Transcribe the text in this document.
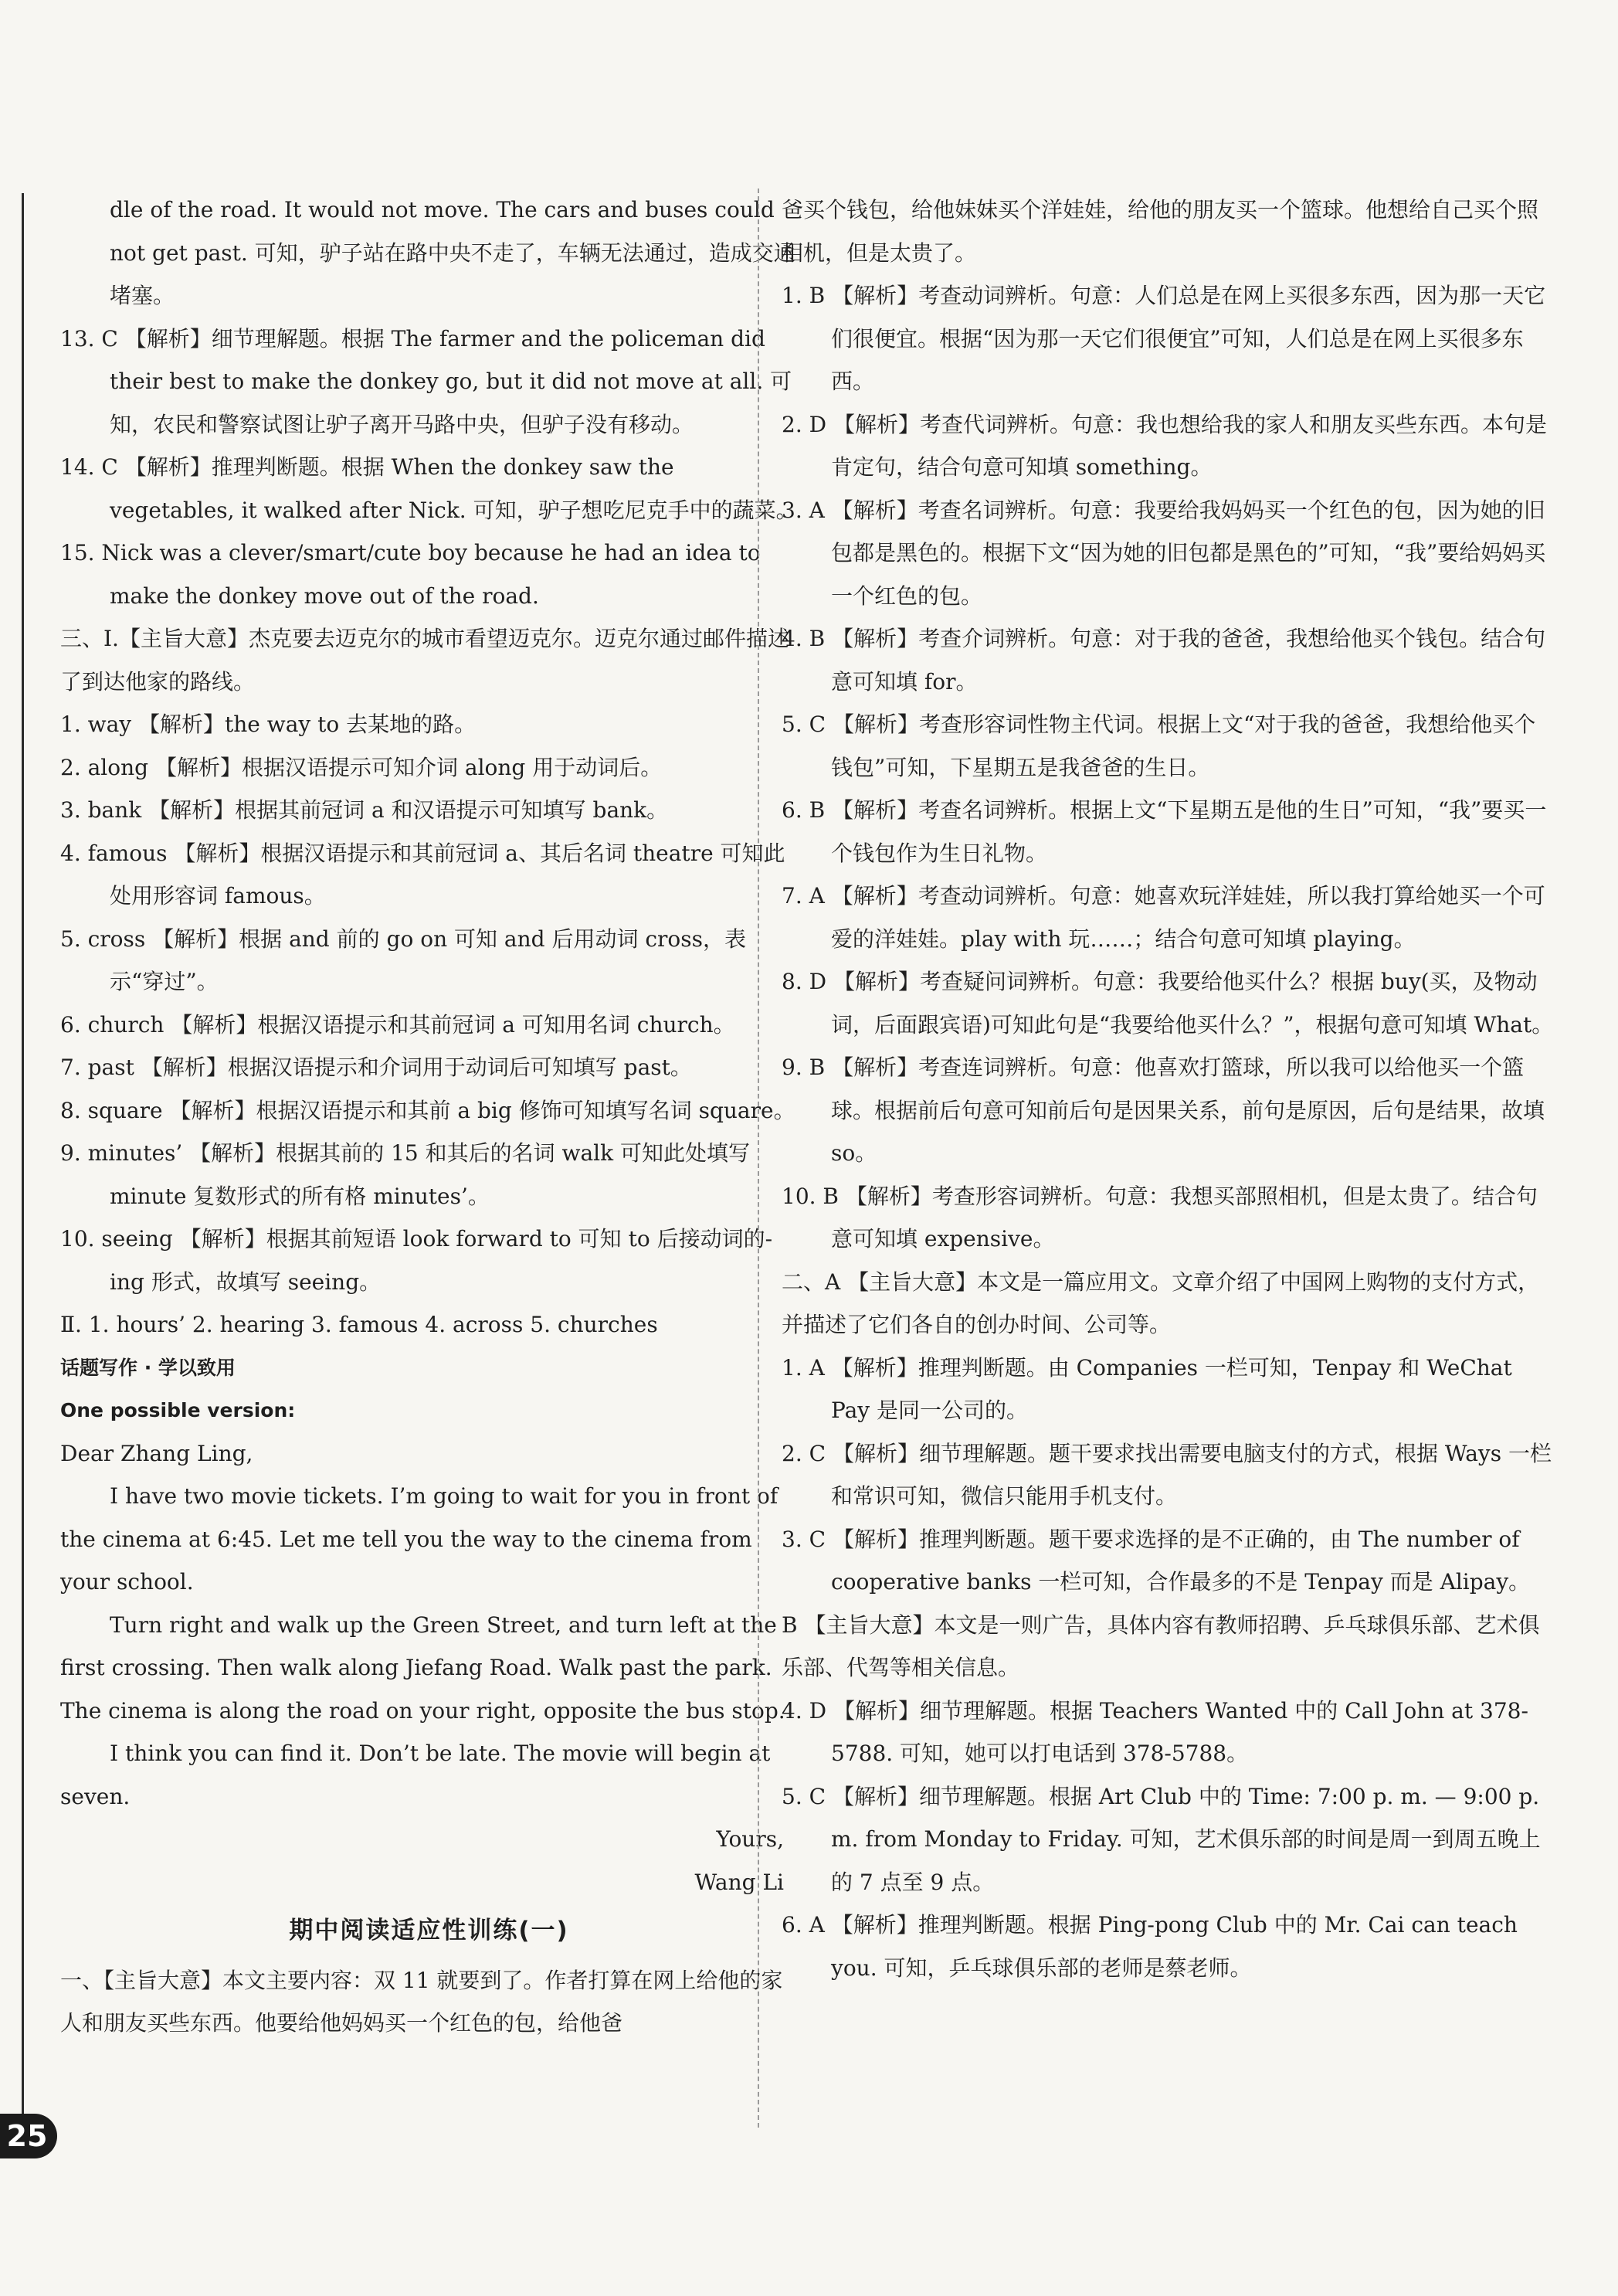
dle of the road. It would not move. The cars and buses could not get past. 可知，驴子站在路中央不走了，车辆无法通过，造成交通堵塞。

13. C 【解析】细节理解题。根据 The farmer and the policeman did their best to make the donkey go, but it did not move at all. 可知，农民和警察试图让驴子离开马路中央，但驴子没有移动。

14. C 【解析】推理判断题。根据 When the donkey saw the vegetables, it walked after Nick. 可知，驴子想吃尼克手中的蔬菜。

15. Nick was a clever/smart/cute boy because he had an idea to make the donkey move out of the road.

三、Ⅰ.【主旨大意】杰克要去迈克尔的城市看望迈克尔。迈克尔通过邮件描述了到达他家的路线。

1. way 【解析】the way to 去某地的路。

2. along 【解析】根据汉语提示可知介词 along 用于动词后。

3. bank 【解析】根据其前冠词 a 和汉语提示可知填写 bank。

4. famous 【解析】根据汉语提示和其前冠词 a、其后名词 theatre 可知此处用形容词 famous。

5. cross 【解析】根据 and 前的 go on 可知 and 后用动词 cross，表示“穿过”。

6. church 【解析】根据汉语提示和其前冠词 a 可知用名词 church。

7. past 【解析】根据汉语提示和介词用于动词后可知填写 past。

8. square 【解析】根据汉语提示和其前 a big 修饰可知填写名词 square。

9. minutes’ 【解析】根据其前的 15 和其后的名词 walk 可知此处填写 minute 复数形式的所有格 minutes’。

10. seeing 【解析】根据其前短语 look forward to 可知 to 后接动词的-ing 形式，故填写 seeing。

Ⅱ. 1. hours’ 2. hearing 3. famous 4. across 5. churches

话题写作 · 学以致用

One possible version:

Dear Zhang Ling,

I have two movie tickets. I’m going to wait for you in front of the cinema at 6:45. Let me tell you the way to the cinema from your school.

Turn right and walk up the Green Street, and turn left at the first crossing. Then walk along Jiefang Road. Walk past the park. The cinema is along the road on your right, opposite the bus stop.

I think you can find it. Don’t be late. The movie will begin at seven.

Yours,

Wang Li

期中阅读适应性训练(一)

一、【主旨大意】本文主要内容：双 11 就要到了。作者打算在网上给他的家人和朋友买些东西。他要给他妈妈买一个红色的包，给他爸

爸买个钱包，给他妹妹买个洋娃娃，给他的朋友买一个篮球。他想给自己买个照相机，但是太贵了。

1. B 【解析】考查动词辨析。句意：人们总是在网上买很多东西，因为那一天它们很便宜。根据“因为那一天它们很便宜”可知，人们总是在网上买很多东西。

2. D 【解析】考查代词辨析。句意：我也想给我的家人和朋友买些东西。本句是肯定句，结合句意可知填 something。

3. A 【解析】考查名词辨析。句意：我要给我妈妈买一个红色的包，因为她的旧包都是黑色的。根据下文“因为她的旧包都是黑色的”可知，“我”要给妈妈买一个红色的包。

4. B 【解析】考查介词辨析。句意：对于我的爸爸，我想给他买个钱包。结合句意可知填 for。

5. C 【解析】考查形容词性物主代词。根据上文“对于我的爸爸，我想给他买个钱包”可知，下星期五是我爸爸的生日。

6. B 【解析】考查名词辨析。根据上文“下星期五是他的生日”可知，“我”要买一个钱包作为生日礼物。

7. A 【解析】考查动词辨析。句意：她喜欢玩洋娃娃，所以我打算给她买一个可爱的洋娃娃。play with 玩……；结合句意可知填 playing。

8. D 【解析】考查疑问词辨析。句意：我要给他买什么？根据 buy(买，及物动词，后面跟宾语)可知此句是“我要给他买什么？”，根据句意可知填 What。

9. B 【解析】考查连词辨析。句意：他喜欢打篮球，所以我可以给他买一个篮球。根据前后句意可知前后句是因果关系，前句是原因，后句是结果，故填 so。

10. B 【解析】考查形容词辨析。句意：我想买部照相机，但是太贵了。结合句意可知填 expensive。

二、A 【主旨大意】本文是一篇应用文。文章介绍了中国网上购物的支付方式，并描述了它们各自的创办时间、公司等。

1. A 【解析】推理判断题。由 Companies 一栏可知，Tenpay 和 WeChat Pay 是同一公司的。

2. C 【解析】细节理解题。题干要求找出需要电脑支付的方式，根据 Ways 一栏和常识可知，微信只能用手机支付。

3. C 【解析】推理判断题。题干要求选择的是不正确的，由 The number of cooperative banks 一栏可知，合作最多的不是 Tenpay 而是 Alipay。

B 【主旨大意】本文是一则广告，具体内容有教师招聘、乒乓球俱乐部、艺术俱乐部、代驾等相关信息。

4. D 【解析】细节理解题。根据 Teachers Wanted 中的 Call John at 378-5788. 可知，她可以打电话到 378-5788。

5. C 【解析】细节理解题。根据 Art Club 中的 Time: 7:00 p. m. — 9:00 p. m. from Monday to Friday. 可知，艺术俱乐部的时间是周一到周五晚上的 7 点至 9 点。

6. A 【解析】推理判断题。根据 Ping-pong Club 中的 Mr. Cai can teach you. 可知，乒乓球俱乐部的老师是蔡老师。

25
